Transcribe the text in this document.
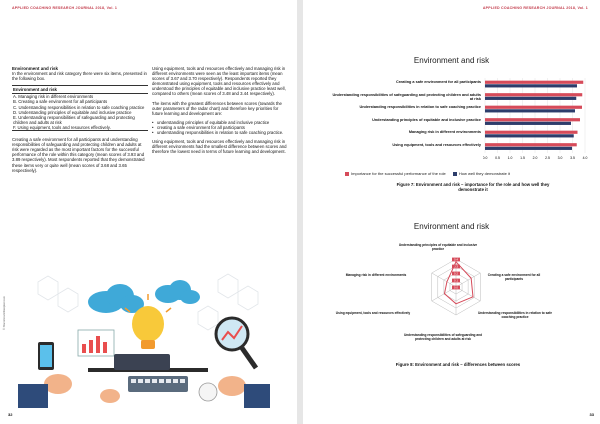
APPLIED COACHING RESEARCH JOURNAL 2018, Vol. 1
Environment and risk

In the environment and risk category there were six items, presented in the following box.

Environment and risk
A. Managing risk in different environments
B. Creating a safe environment for all participants
C. Understanding responsibilities in relation to safe coaching practice
D. Understanding principles of equitable and inclusive practice
E. Understanding responsibilities of safeguarding and protecting children and adults at risk
F. Using equipment, tools and resources effectively.

Creating a safe environment for all participants and understanding responsibilities of safeguarding and protecting children and adults at risk were regarded as the most important factors for the successful performance of the role within this category (mean scores of 3.93 and 3.89 respectively). Most respondents reported that they demonstrated these items very or quite well (mean scores of 3.68 and 3.65 respectively).

Using equipment, tools and resources effectively and managing risk in different environments were seen as the least important items (mean scores of 3.67 and 3.70 respectively). Respondents reported they demonstrated using equipment, tools and resources effectively and understood the principles of equitable and inclusive practice least well, compared to others (mean scores of 3.48 and 3.44 respectively).

The items with the greatest differences between scores (towards the outer parameters of the radar chart) and therefore key priorities for future learning and development are:

• understanding principles of equitable and inclusive practice
• creating a safe environment for all participants
• understanding responsibilities in relation to safe coaching practice.

Using equipment, tools and resources effectively and managing risk in different environments had the smallest difference between scores and therefore the lowest need in terms of future learning and development.

© Shutterstock/Rawpixel.com
32
APPLIED COACHING RESEARCH JOURNAL 2018, Vol. 1
Environment and risk
Creating a safe environment for all participants
Understanding responsibilities of safeguarding and protecting children and adults at risk
Understanding responsibilities in relation to safe coaching practice
Understanding principles of equitable and inclusive practice
Managing risk in different environments
Using equipment, tools and resources effectively
0.0 0.5 1.0 1.5 2.0 2.5 3.0 3.5 4.0
Importance for the successful performance of the role	How well they demonstrate it
Figure 7: Environment and risk – importance for the role and how well they demonstrate it
Environment and risk
0.4
0.3
0.2
0.1
0.0
Understanding principles of equitable and inclusive practice
Creating a safe environment for all participants
Understanding responsibilities in relation to safe coaching practice
Understanding responsibilities of safeguarding and protecting children and adults at risk
Using equipment, tools and resources effectively
Managing risk in different environments
Figure 8: Environment and risk – differences between scores
33
